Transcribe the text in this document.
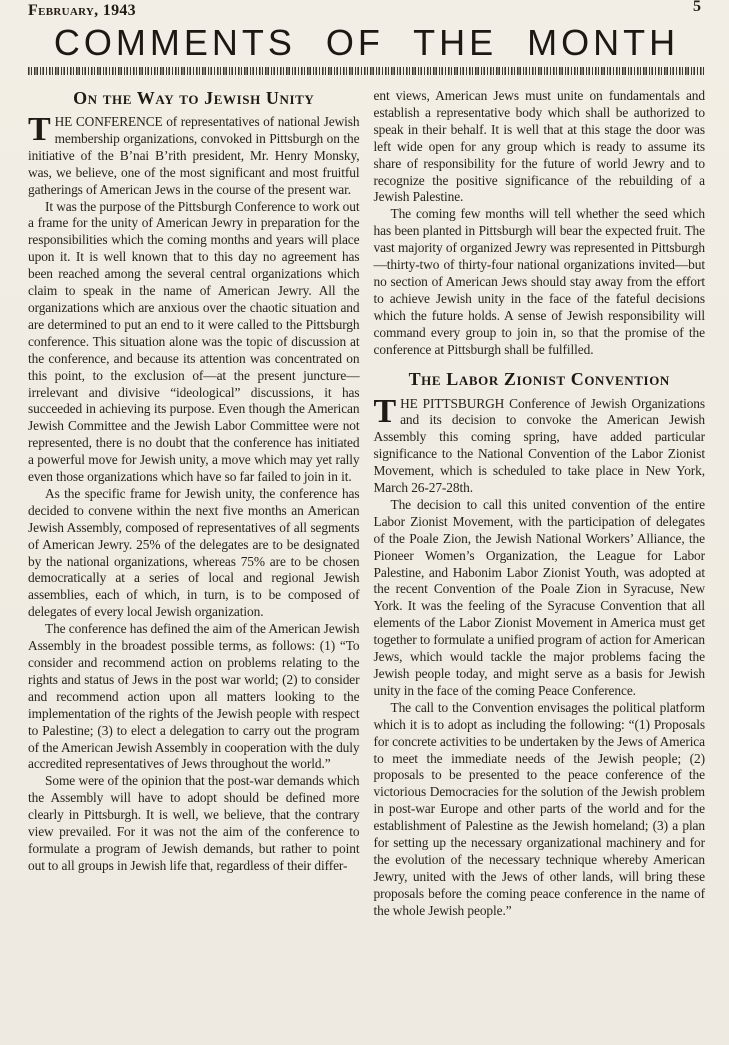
February, 1943	5
COMMENTS OF THE MONTH
On the Way to Jewish Unity

THE CONFERENCE of representatives of national Jewish membership organizations, convoked in Pittsburgh on the initiative of the B’nai B’rith president, Mr. Henry Monsky, was, we believe, one of the most significant and most fruitful gatherings of American Jews in the course of the present war.

It was the purpose of the Pittsburgh Conference to work out a frame for the unity of American Jewry in preparation for the responsibilities which the coming months and years will place upon it. It is well known that to this day no agreement has been reached among the several central organizations which claim to speak in the name of American Jewry. All the organizations which are anxious over the chaotic situation and are determined to put an end to it were called to the Pittsburgh conference. This situation alone was the topic of discussion at the conference, and because its attention was concentrated on this point, to the exclusion of—at the present juncture—irrelevant and divisive “ideological” discussions, it has succeeded in achieving its purpose. Even though the American Jewish Committee and the Jewish Labor Committee were not represented, there is no doubt that the conference has initiated a powerful move for Jewish unity, a move which may yet rally even those organizations which have so far failed to join in it.

As the specific frame for Jewish unity, the conference has decided to convene within the next five months an American Jewish Assembly, composed of representatives of all segments of American Jewry. 25% of the delegates are to be designated by the national organizations, whereas 75% are to be chosen democratically at a series of local and regional Jewish assemblies, each of which, in turn, is to be composed of delegates of every local Jewish organization.

The conference has defined the aim of the American Jewish Assembly in the broadest possible terms, as follows: (1) “To consider and recommend action on problems relating to the rights and status of Jews in the post war world; (2) to consider and recommend action upon all matters looking to the implementation of the rights of the Jewish people with respect to Palestine; (3) to elect a delegation to carry out the program of the American Jewish Assembly in cooperation with the duly accredited representatives of Jews throughout the world.”

Some were of the opinion that the post-war demands which the Assembly will have to adopt should be defined more clearly in Pittsburgh. It is well, we believe, that the contrary view prevailed. For it was not the aim of the conference to formulate a program of Jewish demands, but rather to point out to all groups in Jewish life that, regardless of their differ-

ent views, American Jews must unite on fundamentals and establish a representative body which shall be authorized to speak in their behalf. It is well that at this stage the door was left wide open for any group which is ready to assume its share of responsibility for the future of world Jewry and to recognize the positive significance of the rebuilding of a Jewish Palestine.

The coming few months will tell whether the seed which has been planted in Pittsburgh will bear the expected fruit. The vast majority of organized Jewry was represented in Pittsburgh—thirty-two of thirty-four national organizations invited—but no section of American Jews should stay away from the effort to achieve Jewish unity in the face of the fateful decisions which the future holds. A sense of Jewish responsibility will command every group to join in, so that the promise of the conference at Pittsburgh shall be fulfilled.

The Labor Zionist Convention

THE PITTSBURGH Conference of Jewish Organizations and its decision to convoke the American Jewish Assembly this coming spring, have added particular significance to the National Convention of the Labor Zionist Movement, which is scheduled to take place in New York, March 26-27-28th.

The decision to call this united convention of the entire Labor Zionist Movement, with the participation of delegates of the Poale Zion, the Jewish National Workers’ Alliance, the Pioneer Women’s Organization, the League for Labor Palestine, and Habonim Labor Zionist Youth, was adopted at the recent Convention of the Poale Zion in Syracuse, New York. It was the feeling of the Syracuse Convention that all elements of the Labor Zionist Movement in America must get together to formulate a unified program of action for American Jews, which would tackle the major problems facing the Jewish people today, and might serve as a basis for Jewish unity in the face of the coming Peace Conference.

The call to the Convention envisages the political platform which it is to adopt as including the following: “(1) Proposals for concrete activities to be undertaken by the Jews of America to meet the immediate needs of the Jewish people; (2) proposals to be presented to the peace conference of the victorious Democracies for the solution of the Jewish problem in post-war Europe and other parts of the world and for the establishment of Palestine as the Jewish homeland; (3) a plan for setting up the necessary organizational machinery and for the evolution of the necessary technique whereby American Jewry, united with the Jews of other lands, will bring these proposals before the coming peace conference in the name of the whole Jewish people.”
